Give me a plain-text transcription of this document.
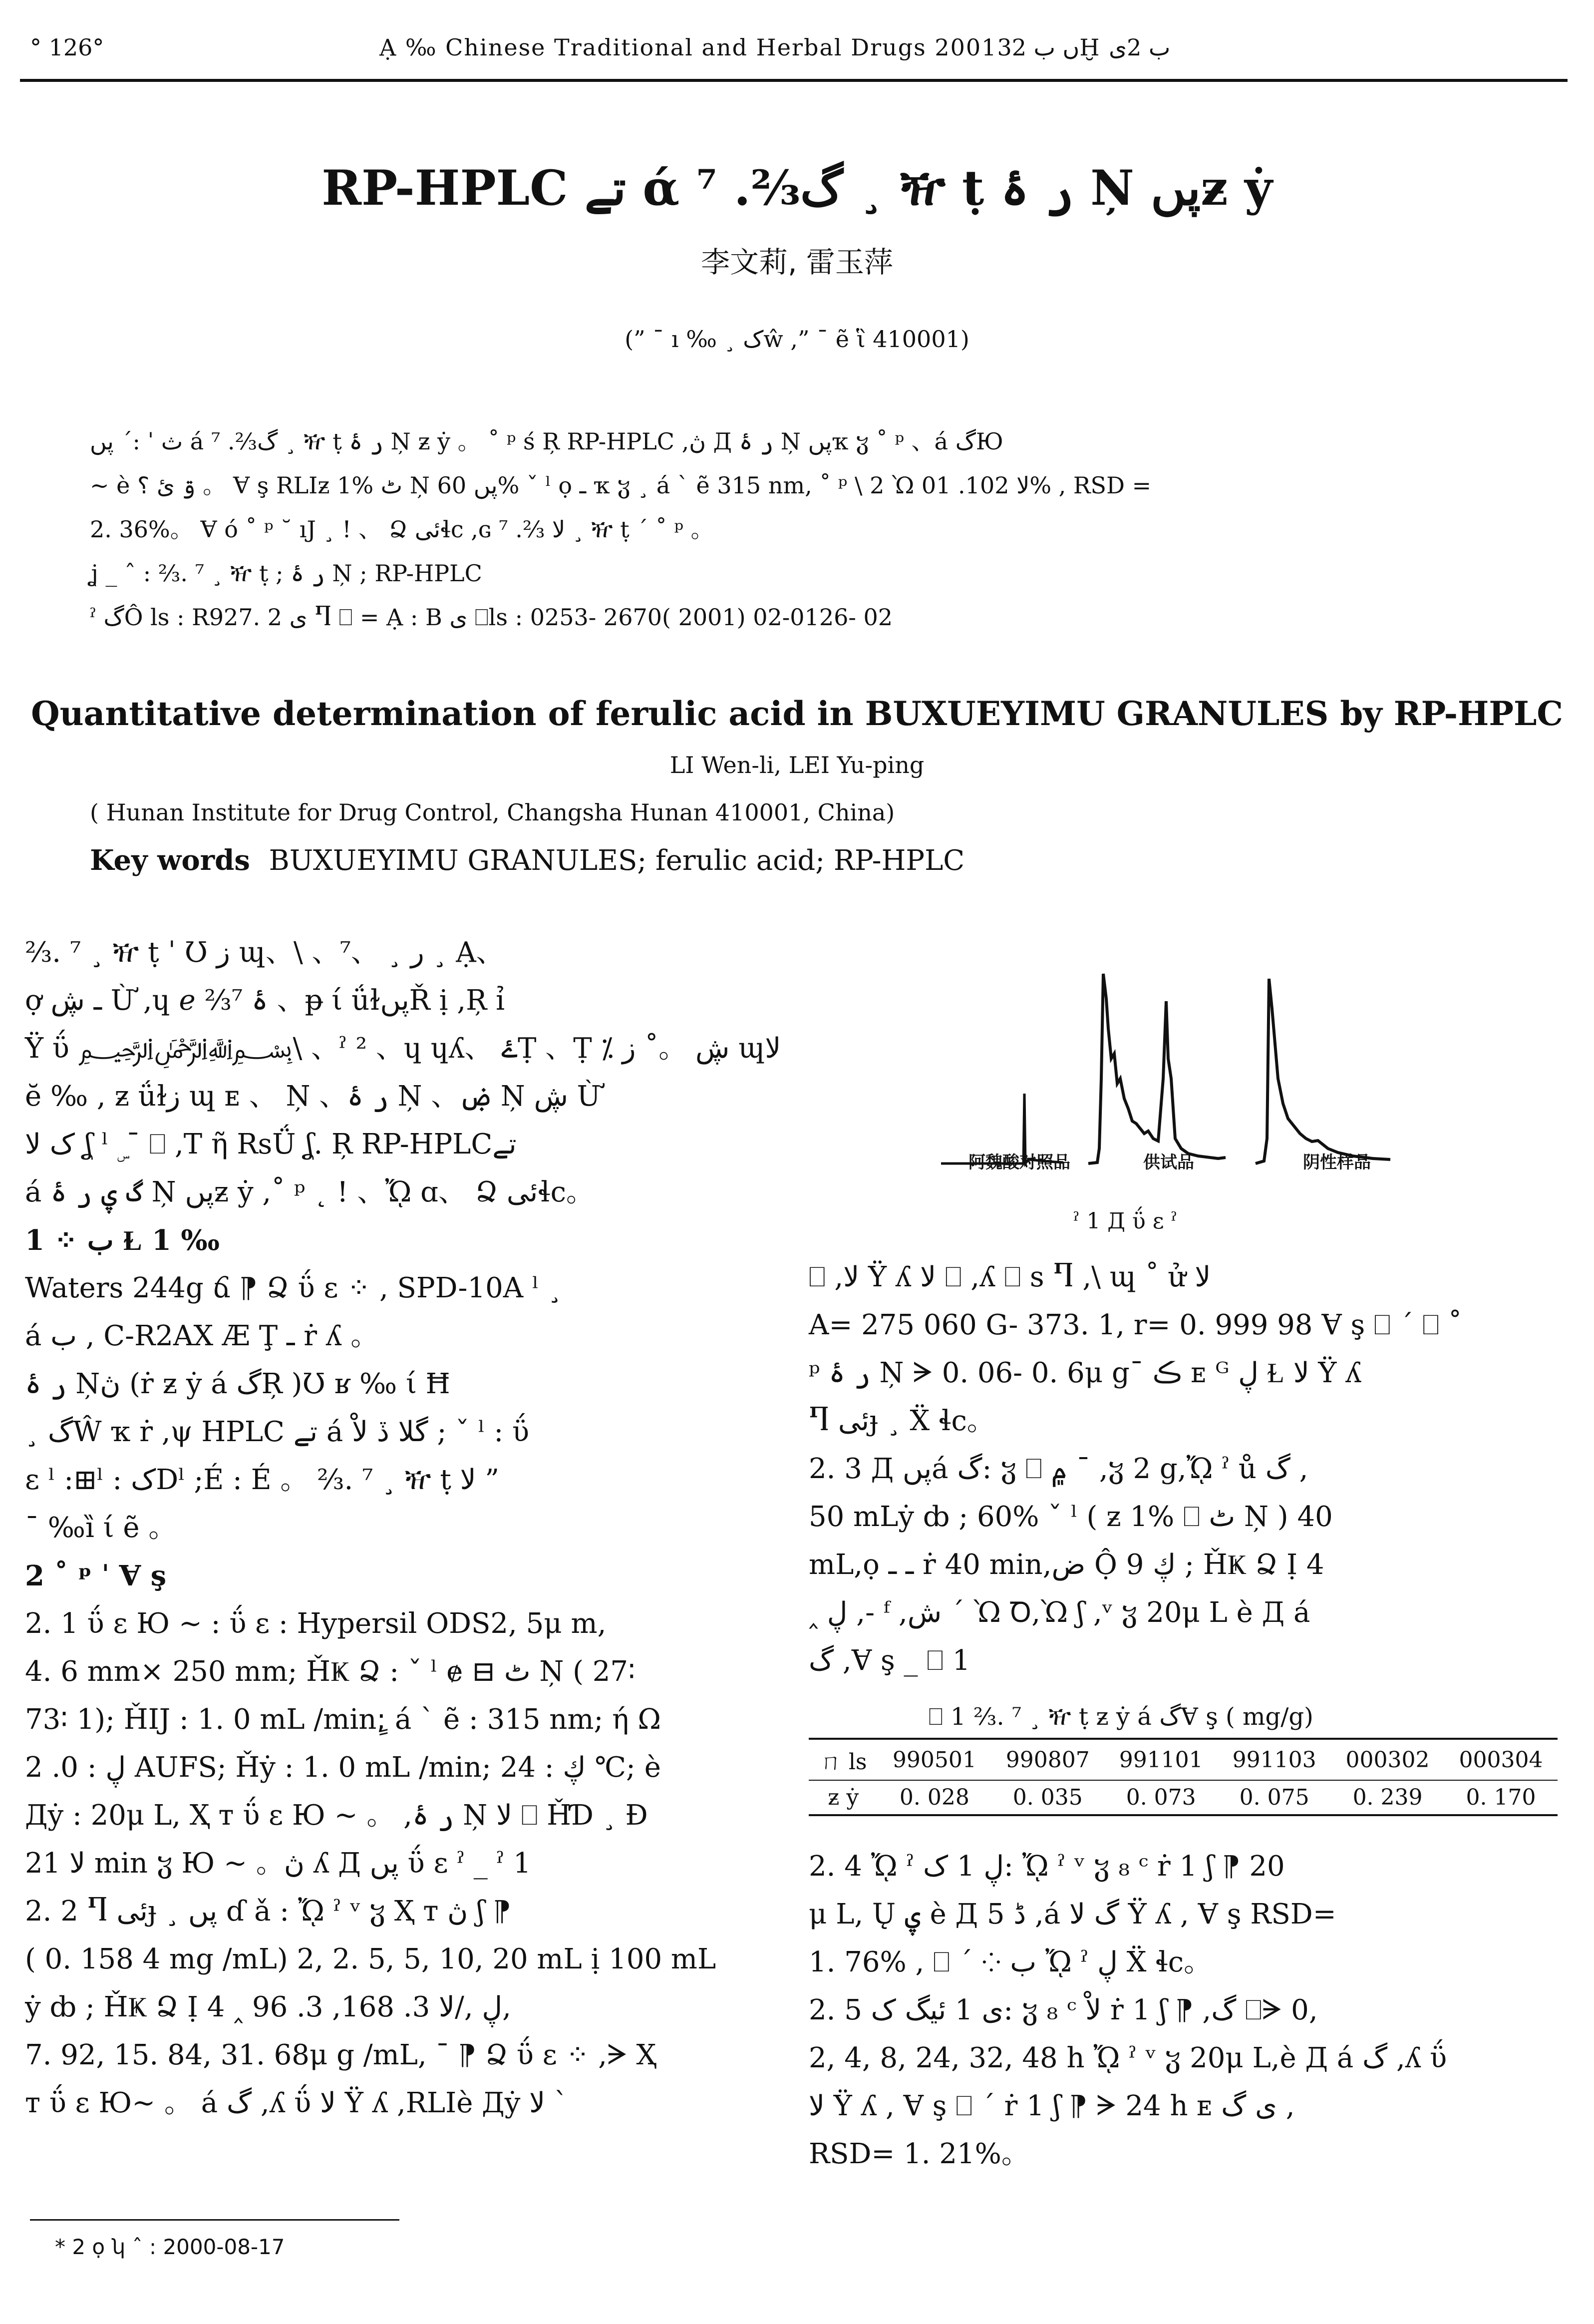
° 126°	Ạ ‰ Chinese Traditional and Herbal Drugs 2001ں ب 32Ḫ ب 2ى
RP-HPLC تے ά گ⅔. ⁷ ¸ ዥ ṭ ر ۂ Ņ پںƶ ẏ
李文莉, 雷玉萍
(” ¯ ı ‰ ¸ کŵ ,” ¯ ẽ ἳ 410001)
ث ˈ :ˊ پں á گ⅔. ⁷ ¸ ዥ ṭ ر ۂ Ņ ƶ ẏ 。 ˚ ᵖ ś Ŗ RP-HPLC ,ڽ Д ر ۂ Ņ پںҡ ჳ ˚ ᵖ 、á گЮ
~ è ۊ ئ ؟ 。 Ɐ ş RLIƶ 1% ٹ Ņ پں 60% ˇ ˡ ọ ـ ҡ ჳ ¸ á ˋ ẽ 315 nm, ˚ ᵖ \ 2 Ὼ لا 102. 01% , RSD =
2. 36%。 Ɐ ό ˚ ᵖ ˘ ıJ ¸ ! 、 Ձ ئیɬc ,ɢ لا ⅔. ⁷ ¸ ዥ ṭ ˊ ˚ ᵖ 。
ʝ _ ˆ : ⅔. ⁷ ¸ ዥ ṭ ; ر ۂ Ņ ; RP-HPLC
ˀ گÔ ls : R927. 2 ى Ⴄ ⎕ = Ạ : B ى ⎕ls : 0253- 2670( 2001) 02-0126- 02
Quantitative determination of ferulic acid in BUXUEYIMU GRANULES by RP-HPLC
LI Wen-li, LEI Yu-ping
( Hunan Institute for Drug Control, Changsha Hunan 410001, China)
Key words BUXUEYIMU GRANULES; ferulic acid; RP-HPLC
⅔. ⁷ ¸ ዥ ṭ ˈ Ʊ ز ɰ、\ 、ر ¸ 、⁷ ¸ Ạ、
ợ ـ ڜ Ừ ,ɥ ℯ ⅔ۂ ⁷ 、ᵽ ί ǘɫپںŘ ị ,Ŗ ỉ
Ÿ ΰ ﷽\ 、ˀ ² 、ɥ ɥʎ、 ۓṬ 、Ṭ ⁒ ڜ 。˚ ز ɰلا
ĕ ‰ , ƶ ǘɫز ɰ ᴇ 、 Ņ 、ر ۂ Ņ 、ۻ Ņ ڜ Ừ
ک لا ʆ ˡ ۣ ˉ ⎕ ,T ῆ RsǗ ʆ. Ŗ RP-HPLCتے
á گ ۑ ر ۂ Ņ پںƶ ẏ ,˚ ᵖ ˛ ! 、ᾬ ɑ、 Ձ ئیɬc。
1 ⁘ ب Ɫ 1 ‰
Waters 244g ճ ⁋ Ձ ΰ ɛ ⁘ , SPD-10A ˡ ¸
á ب , C-R2AX Æ Ţ ـ ṙ ʎ 。
ر ۂ Ņڽ (ṙ ƶ ẏ á گŖ )Ʊ ʁ ‰ ί Ħ
¸ گŴ ҡ ṙ ,ψ HPLC تے á گلا ڏ لاْ ; ˇ ˡ : ΰ
ɛ ˡ :⊞ˡ : کDˡ ;É : É 。 ⅔. ⁷ ¸ ዥ ṭ لا ”
¯ ‰ȉ ί ẽ 。
2 ˚ ᵖ ˈ Ɐ ş
2. 1 ΰ ɛ Ю ~ : ΰ ɛ : Hypersil ODS2, 5μ m,
4. 6 mm× 250 mm; ȞҜ Ձ : ˇ ˡ ɇ ⊟ ٹ Ņ ( 27∶
73∶ 1); ȞIJ : 1. 0 mL /min;ٍ á ˋ ẽ : 315 nm; ή Ω
ڸ : 0. 2 AUFS; Ȟẏ : 1. 0 mL /min; ڮ : 24 ℃; è
Дẏ : 20μ L, Ҳ т ΰ ɛ Ю ~ 。 ,ر ۂ Ņ لا ⎕ ȞƊ ¸ Ɖ
لا 21 min ჳ Ю ~ 。ڽ ʎ Д پں ΰ ɛ ˀ _ ˀ 1
2. 2 Ⴄ ئیɟ ¸ پں ɗ ǎ : ᾬ ˀ ᵛ ჳ Ҳ т ڽ ʃ ⁋
( 0. 158 4 mg /mL) 2, 2. 5, 5, 10, 20 mL ị 100 mL
ẏ ȸ ; ȞҜ Ձ Ị 4 ‸ ڸ ,/لا 3. 168, 3. 96,
7. 92, 15. 84, 31. 68μ g /mL, ˉ ⁋ Ձ ΰ ɛ ⁘ ,ᗒ Ҳ
т ΰ ɛ Ю~ 。 á گ ,ʎ ΰ لا Ÿ ʎ ,RLIè Дẏ لا ˋ
阿魏酸对照品	供试品	阴性样品
ˀ 1 Д ΰ ɛ ˀ
⎕ ,لا Ÿ ʎ لا ⎕ ,ʎ ⎕ s Ⴄ ,\ ɰ ˚ ử لا
A= 275 060 G- 373. 1, r= 0. 999 98 Ɐ ş ⎕ ˊ ⎕ ˚
ᵖ ر ۂ Ņ ᗒ 0. 06- 0. 6μ gˉ ڪ ᴇ ᴳ ڸ Ɫ لا Ÿ ʎ
Ⴄ ئیɟ ¸ Ẍ ɬc。
2. 3 Д پںá گ: ჳ ⎕ ۾ ˉ ,ჳ 2 g,ᾬ ˀ ů گ ,
50 mLẏ ȸ ; 60% ˇ ˡ ( ƶ 1% ⎕ ٹ Ņ ) 40
mL,ọ ـ ـ ṙ 40 min,ض Ộ 9 ڮ ; ȞҜ Ձ Ị 4
‸ ڸ ,- ᶠ ,ش ˊ Ὼ Ꝺ,Ὼ ʃ ,ᵛ ჳ 20μ L è Д á
گ ,Ɐ ş _ ⎕ 1
⎕ 1 ⅔. ⁷ ¸ ዥ ṭ ƶ ẏ á گⱯ ş ( mg/g)
ㄇ ls	990501	990807	991101	991103	000302	000304
ƶ ẏ	0. 028	0. 035	0. 073	0. 075	0. 239	0. 170
2. 4 ᾬ ˀ ڸ 1 ک: ᾬ ˀ ᵛ ჳ ₈ ᶜ ṙ 1 ʃ ⁋ 20
μ L, Ų ۑ è Д 5 ڈ ,á گ لا Ÿ ʎ , Ɐ ş RSD=
1. 76% , ⎕ ˊ ⁘ ب ᾬ ˀ ڸ Ẍ ɬc。
2. 5 ى 1 ئیگ ک: ჳ ₈ ᶜ لاْ ṙ 1 ʃ ⁋ ,گ ⎕ᗒ 0,
2, 4, 8, 24, 32, 48 h ᾬ ˀ ᵛ ჳ 20μ L,è Д á گ ,ʎ ΰ
لا Ÿ ʎ , Ɐ ş ⎕ ˊ ṙ 1 ʃ ⁋ ᗒ 24 h ᴇ ى گ ,
RSD= 1. 21%。
* 2 ọ ʮ ˆ : 2000-08-17
